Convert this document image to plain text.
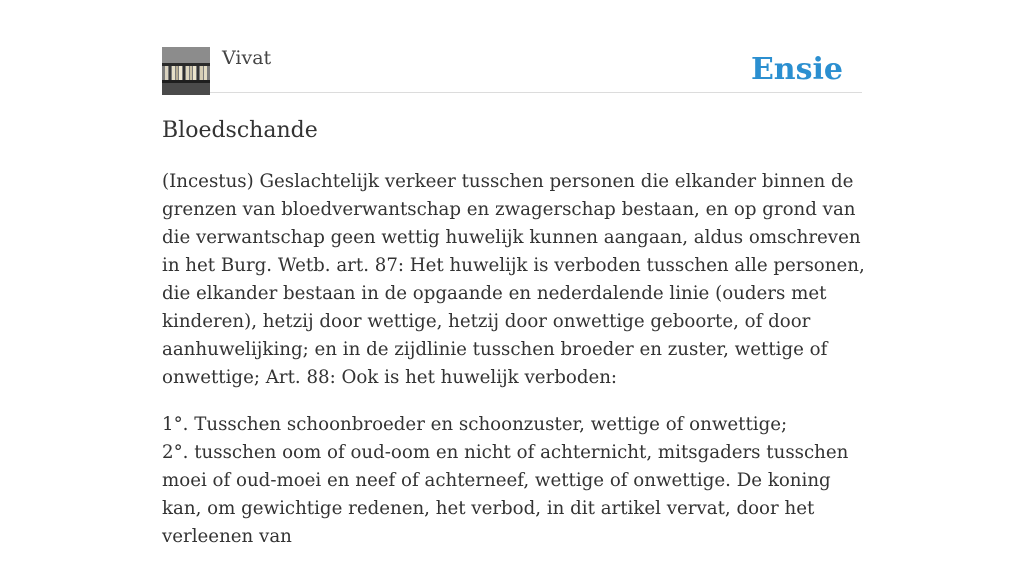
Vivat	Ensie
Bloedschande

(Incestus) Geslachtelijk verkeer tusschen personen die elkander binnen de grenzen van bloedverwantschap en zwagerschap bestaan, en op grond van die verwantschap geen wettig huwelijk kunnen aangaan, aldus omschreven in het Burg. Wetb. art. 87: Het huwelijk is verboden tusschen alle personen, die elkander bestaan in de opgaande en nederdalende linie (ouders met kinderen), hetzij door wettige, hetzij door onwettige geboorte, of door aanhuwelijking; en in de zijdlinie tusschen broeder en zuster, wettige of onwettige; Art. 88: Ook is het huwelijk verboden:

1°. Tusschen schoonbroeder en schoonzuster, wettige of onwettige;
2°. tusschen oom of oud-oom en nicht of achternicht, mitsgaders tusschen moei of oud-moei en neef of achterneef, wettige of onwettige. De koning kan, om gewichtige redenen, het verbod, in dit artikel vervat, door het verleenen van
